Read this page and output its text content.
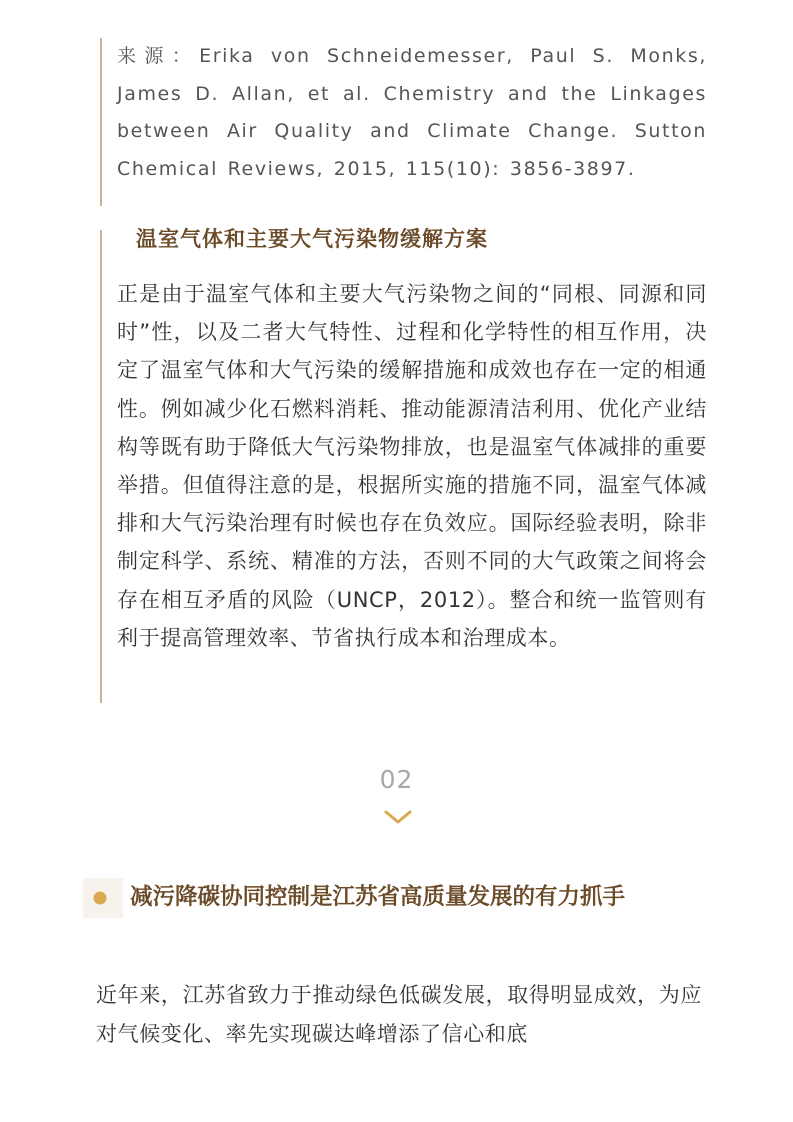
来源：Erika von Schneidemesser, Paul S. Monks, James D. Allan, et al. Chemistry and the Linkages between Air Quality and Climate Change. Sutton Chemical Reviews, 2015, 115(10): 3856-3897.

温室气体和主要大气污染物缓解方案

正是由于温室气体和主要大气污染物之间的“同根、同源和同时”性，以及二者大气特性、过程和化学特性的相互作用，决定了温室气体和大气污染的缓解措施和成效也存在一定的相通性。例如减少化石燃料消耗、推动能源清洁利用、优化产业结构等既有助于降低大气污染物排放，也是温室气体减排的重要举措。但值得注意的是，根据所实施的措施不同，温室气体减排和大气污染治理有时候也存在负效应。国际经验表明，除非制定科学、系统、精准的方法，否则不同的大气政策之间将会存在相互矛盾的风险（UNCP，2012）。整合和统一监管则有利于提高管理效率、节省执行成本和治理成本。

02
减污降碳协同控制是江苏省高质量发展的有力抓手

近年来，江苏省致力于推动绿色低碳发展，取得明显成效，为应对气候变化、率先实现碳达峰增添了信心和底
